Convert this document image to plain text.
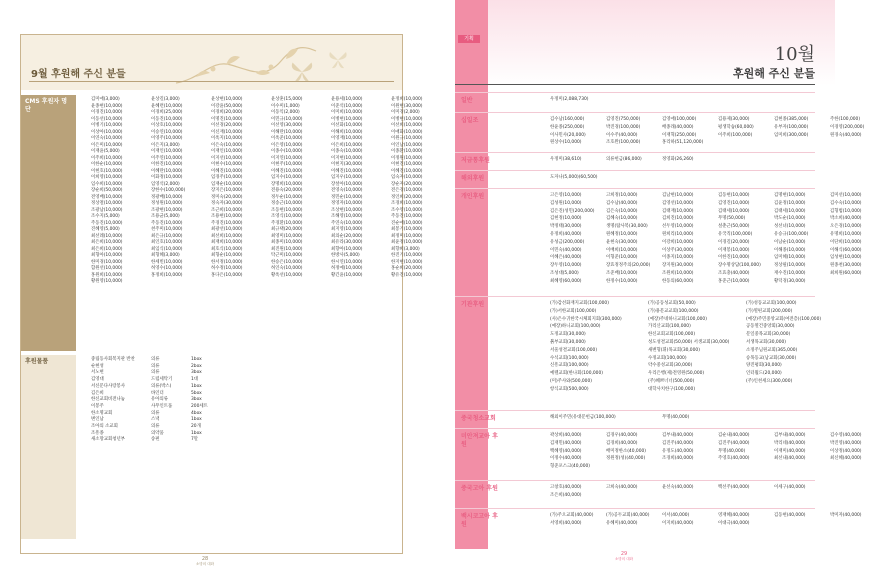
9월 후원해 주신 분들
CMS 후원자 명단
김미애(3,000)	윤상길(3,000)	윤상현(10,000)	윤상훈(15,000)	윤용세(10,000)	윤정희(10,000)
윤종현(10,000)	윤혜련(10,000)	이강윤(50,000)	이수미(1,000)	이준석(10,000)	이원현(30,000)
이경진(10,000)	이경희(25,000)	이경희(20,000)	이동익(2,000)	이미희(10,000)	이미경(2,000)
이동선(10,000)	이동진(10,000)	이명진(10,000)	이민규(10,000)	이병현(10,000)	이병현(10,000)
이병기(10,000)	이상호(10,000)	이선경(20,000)	이선영(30,000)	이선화(10,000)	이선희(10,000)
이상아(10,000)	이승연(10,000)	이신재(10,000)	이해란(10,000)	이해희(10,000)	이애화(10,000)
이연숙(10,000)	이영주(10,000)	이옥지(10,000)	이옥준(10,000)	이영재(10,000)	이원규(10,000)
이은미(10,000)	이은지(3,000)	이은숙(10,000)	이은영(10,000)	이은희(10,000)	이인남(10,000)
이재윤(5,000)	이재인(10,000)	이재인(10,000)	이종수(10,000)	이종숙(10,000)	이종환(10,000)
이주희(10,000)	이주연(10,000)	이지선(10,000)	이지연(10,000)	이지현(10,000)	이정원(10,000)
이한순(10,000)	이한진(10,000)	이현수(10,000)	이현주(10,000)	이현지(30,000)	이현진(10,000)
이현호(10,000)	이혜란(10,000)	이혜진(10,000)	이혜진(10,000)	이혜진(10,000)	이혜진(10,000)
이희영(10,000)	이화정(10,000)	임경주(10,000)	임지수(10,000)	임지우(10,000)	임숙자(10,000)
임수희(10,000)	임영석(2,000)	임재순(10,000)	장명희(10,000)	장설아(10,000)	장순자(20,000)
장순희(50,000)	장한수(100,000)	장지은(10,000)	전용숙(20,000)	전영숙(10,000)	전은경(10,000)
전영배(10,000)	정광배(10,000)	정미숙(20,000)	정두순(10,000)	정민순(10,000)	정인희(20,000)
정상철(10,000)	정성원(10,000)	정숙자(30,000)	정송근(10,000)	정영자(10,000)	조경희(10,000)
조광남(10,000)	조광현(10,000)	조근희(10,000)	조동현(10,000)	조상현(10,000)	조수영(10,000)
조수지(5,000)	조용균(5,000)	조용현(10,000)	조영식(10,000)	조해영(10,000)	주동진(10,000)
주동진(10,000)	주동진(10,000)	주경진(10,000)	주경환(10,000)	주연숙(10,000)	진순애(10,000)
진혜영(5,000)	천주미(10,000)	최광선(10,000)	최규택(20,000)	최지영(10,000)	최봉기(10,000)
최선례(10,000)	최은규(10,000)	최선희(10,000)	최영미(10,000)	최의순(20,000)	최정미(10,000)
최은희(10,000)	최인호(10,000)	최재희(10,000)	최종미(10,000)	최유라(30,000)	최윤정(10,000)
최은희(10,000)	최임식(10,000)	최호식(10,000)	최진원(10,000)	최향아(10,000)	최향희(3,000)
최형아(10,000)	최형혜(3,000)	최형순(10,000)	탁근미(10,000)	한방사(5,000)	한진기(10,000)
한미경(10,000)	한세빈(10,000)	한서정(10,000)	한승은(10,000)	한시연(10,000)	한지현(10,000)
함원선(10,000)	허영수(10,000)	허수정(10,000)	허인숙(10,000)	허정예(10,000)	홍순희(20,000)
홍원희(10,000)	홍정희(10,000)	홍다은(10,000)	황옥선(10,000)	황긴윤(10,000)	황유진(10,000)
황원영(10,000)
후원물품	중림동사회복지관 반찬	의류	1box
순현성	의류	2box
서노현	의류	3box
김영대	드럼세탁기	1대
서신문다사랑봉사	의류(박스)	1box
김은희	바인더	5box
한신교회비전나눔	유아의류	3box
이봉주	사무인트품	200세트
한소명교회	의류	4box
변인남	스낵	1box
조아의 소교회	의류	20개
조흥종	의약품	1box
새소망교회청년부	송편	7말
28
소망의 대화
기획
10월
후원해 주신 분들
일반	우정미(2,088,730)
십일조	김수남(160,000)	김영진(750,000)	김영애(100,000)	김용제(30,000)	김현종(385,000)	주한(100,000)
한윤종(250,000)	박진경(100,000)	배종래(40,000)	평생학습(60,000)	유부자(100,000)	이경영(200,000)
이사민사(20,000)	이수주(40,000)	이재혁(250,000)	이주희(100,000)	임미희(300,000)	원경숙(40,000)
원상수(10,000)	조호완(100,000)	홍리하(51,120,000)
저금통후원	우정미(38,610)	의류헌금(86,000)	정영화(26,260)
해외후원	도자나(5,000)(60,500)
개인후원	고은영(10,000)	고희정(10,000)	김남현(10,000)	김동현(10,000)	김명현(10,000)	김미선(10,000)
김성원(10,000)	김수남(40,000)	김영선(10,000)	김영진(10,000)	김윤정(10,000)	김수숙(10,000)
김은진(성민(200,000)	김은숙(10,000)	김태재(10,000)	김태세(10,000)	김태세(10,000)	김형범(10,000)
김현정(10,000)	김혜숙(10,000)	김희진(10,000)	무명(50,000)	박도순(10,000)	박소희(40,000)
박정태(30,000)	생명(탐사복(30,000)	선두영(10,000)	설춘근(50,000)	성선녀(10,000)	오은경(10,000)
유정희(40,000)	원혜정(10,000)	원희리(10,000)	유국직(100,000)	유승규(100,000)	유명희(10,000)
유성금(200,000)	윤현숙(30,000)	이강희(10,000)	이경길(20,000)	이남순(10,000)	이단희(10,000)
이민숙(40,000)	이배희(10,000)	이상주(30,000)	이재봉(10,000)	이해종(10,000)	이해식(60,000)
이혜은(40,000)	이형준(10,000)	이종지(10,000)	이한진(10,000)	임미혜(10,000)	임성현(10,000)
장두영(10,000)	장효정정주의(20,000)	장지원(30,000)	장수명상담(100,000)	정상필(10,000)	원종천(30,000)
조성대(5,000)	조준배(10,000)	조원희(10,000)	조효충(40,000)	재수진(10,000)	최희원(60,000)
최혜영(60,000)	한정수(10,000)	한동의(60,000)	홍준근(10,000)	황덕경(30,000)
기관후원	(가)감선화재지교회(100,000)	(가)공동성교회(50,000)	(가)성동교교회(100,000)
(가)서한교회(100,000)	(가)용문교교회(100,000)	(가)열편교회(200,000)
(사)은수귀한국시체회지회(300,000)	(예장)주네하니교회(100,000)	(예장)주민중앙교회(여전층)(100,000)
(예장)하니교회(100,000)	가리산교회(100,000)	공동열건중앙회(30,000)
도정교회(30,000)	한신교회교회(100,000)	문일중목교회(30,000)
붉부교회(30,000)	성도성결교회(50,000) 서생교회(30,000)	서생목교회(30,000)
서울성결교회(100,000)	새변형(휘)목교회(30,000)	소정주님원교회(365,000)
수석교회(100,000)	수정교회(100,000)	승목동교(남교회(30,000)
신흥교회(100,000)	약수중성교회(30,000)	양진평회(30,000)
예렐교회(한나회(100,000)	우리은행(제)전영원(50,000)	인터월드(20,000)
(미)주사와(500,000)	(주)혜쁘너너(500,000)	(주)인천세요(300,000)
항식교회(500,000)	대학사치한구(100,000)
중국청소교회	해외이주민(유대문헌금(100,000)	무명(40,000)
미안져교아 후원
곽상희(40,000)	김경우(40,000)	김부내(40,000)	김순내(40,000)	김부내(40,000)	김수영(40,000)
김재민(40,000)	김경희(40,000)	김진주(40,000)	김진주(40,000)	박리네(40,000)	박진영(40,000)
백혜영(40,000)	배미정한소(40,000)	유정도(40,000)	무명(40,000)	이재미(40,000)	이상정(40,000)
이정수(40,000)	정원정(성)(40,000)	조경희(40,000)	주영호(40,000)	최선내(40,000)	최신혜(40,000)
형준포스크(40,000)
중국고아 후원	고창호(40,000)	고희숙(40,000)	윤선숙(40,000)	백선주(40,000)	이세구(40,000)
조은희(40,000)
백시코고아 후원
(가)주오교회(40,000)	(가)공두교회(40,000)	이서(40,000)	영재혜(40,000)	김동현(40,000)	박미자(40,000)
서영희(40,000)	유혜미(40,000)	이지희(40,000)	이대극(40,000)
29
소망의 대화
